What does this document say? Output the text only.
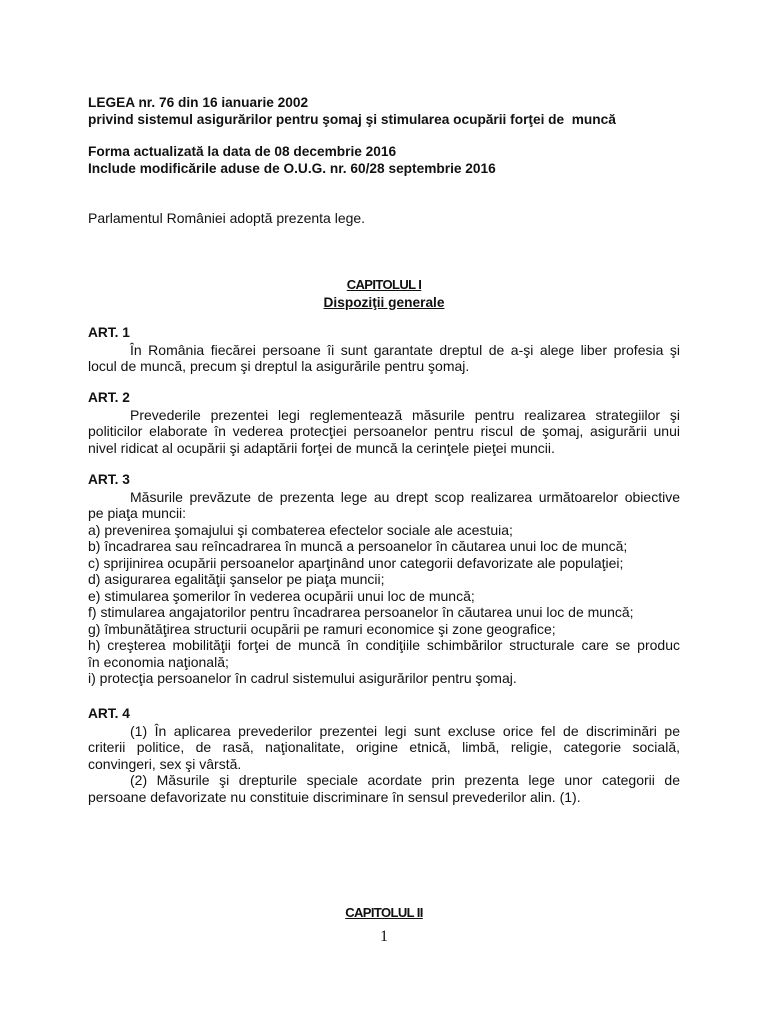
LEGEA nr. 76 din 16 ianuarie 2002
privind sistemul asigurărilor pentru şomaj şi stimularea ocupării forţei de  muncă
Forma actualizată la data de 08 decembrie 2016
Include modificările aduse de O.U.G. nr. 60/28 septembrie 2016
Parlamentul României adoptă prezenta lege.
CAPITOLUL I
Dispoziţii generale
ART. 1
În România fiecărei persoane îi sunt garantate dreptul de a-şi alege liber profesia şi
locul de muncă, precum şi dreptul la asigurările pentru şomaj.
ART. 2
Prevederile prezentei legi reglementează măsurile pentru realizarea strategiilor şi
politicilor elaborate în vederea protecţiei persoanelor pentru riscul de şomaj, asigurării unui
nivel ridicat al ocupării şi adaptării forţei de muncă la cerinţele pieţei muncii.
ART. 3
Măsurile prevăzute de prezenta lege au drept scop realizarea următoarelor obiective
pe piaţa muncii:
a) prevenirea şomajului şi combaterea efectelor sociale ale acestuia;
b) încadrarea sau reîncadrarea în muncă a persoanelor în căutarea unui loc de muncă;
c) sprijinirea ocupării persoanelor aparţinând unor categorii defavorizate ale populaţiei;
d) asigurarea egalităţii şanselor pe piaţa muncii;
e) stimularea şomerilor în vederea ocupării unui loc de muncă;
f) stimularea angajatorilor pentru încadrarea persoanelor în căutarea unui loc de muncă;
g) îmbunătăţirea structurii ocupării pe ramuri economice şi zone geografice;
h) creşterea mobilităţii forţei de muncă în condiţiile schimbărilor structurale care se produc
în economia naţională;
i) protecţia persoanelor în cadrul sistemului asigurărilor pentru şomaj.
ART. 4
(1) În aplicarea prevederilor prezentei legi sunt excluse orice fel de discriminări pe
criterii politice, de rasă, naţionalitate, origine etnică, limbă, religie, categorie socială,
convingeri, sex şi vârstă.
(2) Măsurile şi drepturile speciale acordate prin prezenta lege unor categorii de
persoane defavorizate nu constituie discriminare în sensul prevederilor alin. (1).
CAPITOLUL II
1
